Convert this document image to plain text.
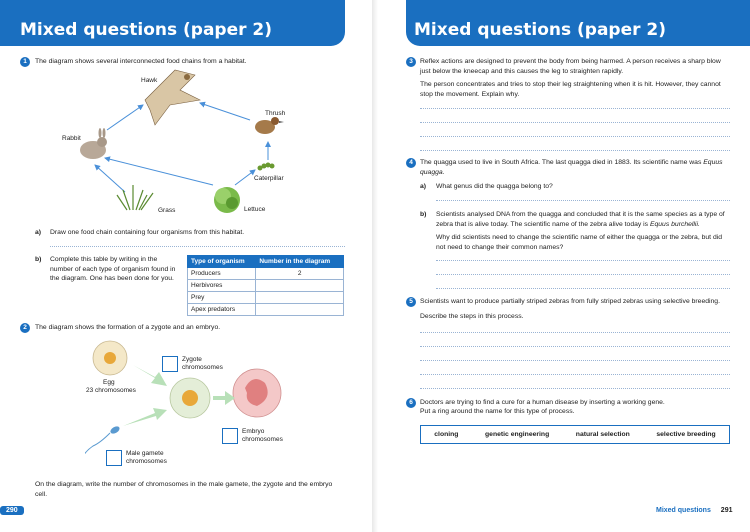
Mixed questions (paper 2)
1	The diagram shows several interconnected food chains from a habitat.
Hawk
Thrush
Rabbit
Caterpillar
Grass	Lettuce
a) Draw one food chain containing four organisms from this habitat.
b) Complete this table by writing in the number of each type of organism found in the diagram. One has been done for you.
Type of organism	Number in the diagram
Producers	2
Herbivores	
Prey	
Apex predators	
2	The diagram shows the formation of a zygote and an embryo.
Zygote
chromosomes
Egg
23 chromosomes
Embryo
chromosomes
Male gamete
chromosomes
On the diagram, write the number of chromosomes in the male gamete, the zygote and the embryo cell.
290
Mixed questions (paper 2)
3	Reflex actions are designed to prevent the body from being harmed. A person receives a sharp blow just below the kneecap and this causes the leg to straighten rapidly.
The person concentrates and tries to stop their leg straightening when it is hit. However, they cannot stop the movement. Explain why.
4	The quagga used to live in South Africa. The last quagga died in 1883. Its scientific name was Equus quagga.
a) What genus did the quagga belong to?
b) Scientists analysed DNA from the quagga and concluded that it is the same species as a type of zebra that is alive today. The scientific name of the zebra alive today is Equus burchellii.
Why did scientists need to change the scientific name of either the quagga or the zebra, but did not need to change their common names?
5	Scientists want to produce partially striped zebras from fully striped zebras using selective breeding.
Describe the steps in this process.
6	Doctors are trying to find a cure for a human disease by inserting a working gene.
Put a ring around the name for this type of process.
cloning	genetic engineering	natural selection	selective breeding
Mixed questions 291
